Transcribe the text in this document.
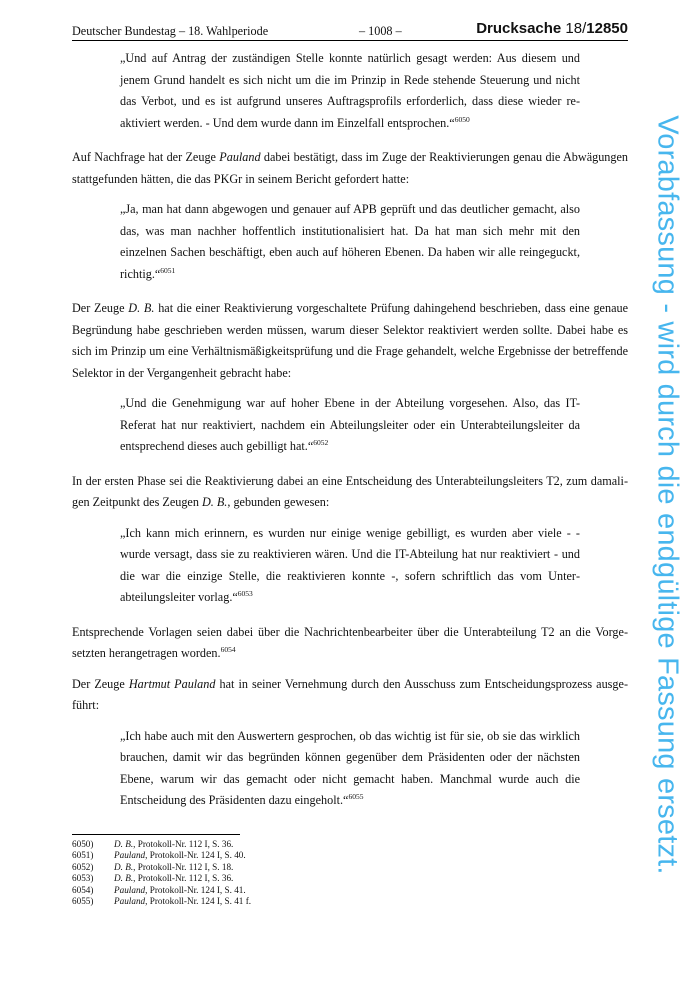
Deutscher Bundestag – 18. Wahlperiode	– 1008 –	Drucksache 18/12850

„Und auf Antrag der zuständigen Stelle konnte natürlich gesagt werden: Aus diesem und jenem Grund handelt es sich nicht um die im Prinzip in Rede stehende Steuerung und nicht das Verbot, und es ist aufgrund unseres Auftragsprofils erforderlich, dass diese wieder reaktiviert werden. - Und dem wurde dann im Einzelfall entsprochen.“$^{6050}$

Auf Nachfrage hat der Zeuge Pauland dabei bestätigt, dass im Zuge der Reaktivierungen genau die Abwägungen stattgefunden hätten, die das PKGr in seinem Bericht gefordert hatte:

„Ja, man hat dann abgewogen und genauer auf APB geprüft und das deutlicher gemacht, also das, was man nachher hoffentlich institutionalisiert hat. Da hat man sich mehr mit den einzelnen Sachen beschäftigt, eben auch auf höheren Ebenen. Da haben wir alle reingeguckt, richtig.“$^{6051}$

Der Zeuge D. B. hat die einer Reaktivierung vorgeschaltete Prüfung dahingehend beschrieben, dass eine genaue Begründung habe geschrieben werden müssen, warum dieser Selektor reaktiviert werden sollte. Dabei habe es sich im Prinzip um eine Verhältnismäßigkeitsprüfung und die Frage gehandelt, welche Ergebnisse der betreffende Selektor in der Vergangenheit gebracht habe:

„Und die Genehmigung war auf hoher Ebene in der Abteilung vorgesehen. Also, das IT-Referat hat nur reaktiviert, nachdem ein Abteilungsleiter oder ein Unterabteilungsleiter da entsprechend dieses auch gebilligt hat.“$^{6052}$

In der ersten Phase sei die Reaktivierung dabei an eine Entscheidung des Unterabteilungsleiters T2, zum damaligen Zeitpunkt des Zeugen D. B., gebunden gewesen:

„Ich kann mich erinnern, es wurden nur einige wenige gebilligt, es wurden aber viele - - wurde versagt, dass sie zu reaktivieren wären. Und die IT-Abteilung hat nur reaktiviert - und die war die einzige Stelle, die reaktivieren konnte -, sofern schriftlich das vom Unterabteilungsleiter vorlag.“$^{6053}$

Entsprechende Vorlagen seien dabei über die Nachrichtenbearbeiter über die Unterabteilung T2 an die Vorgesetzten herangetragen worden.$^{6054}$

Der Zeuge Hartmut Pauland hat in seiner Vernehmung durch den Ausschuss zum Entscheidungsprozess ausgeführt:

„Ich habe auch mit den Auswertern gesprochen, ob das wichtig ist für sie, ob sie das wirklich brauchen, damit wir das begründen können gegenüber dem Präsidenten oder der nächsten Ebene, warum wir das gemacht oder nicht gemacht haben. Manchmal wurde auch die Entscheidung des Präsidenten dazu eingeholt.“$^{6055}$

6050) D. B., Protokoll-Nr. 112 I, S. 36.
6051) Pauland, Protokoll-Nr. 124 I, S. 40.
6052) D. B., Protokoll-Nr. 112 I, S. 18.
6053) D. B., Protokoll-Nr. 112 I, S. 36.
6054) Pauland, Protokoll-Nr. 124 I, S. 41.
6055) Pauland, Protokoll-Nr. 124 I, S. 41 f.
Vorabfassung - wird durch die endgültige Fassung ersetzt.
